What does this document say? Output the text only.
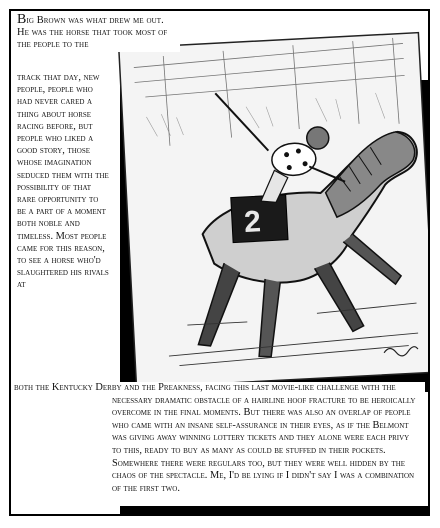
2
Big Brown was what drew me out. He was the horse that took most of the people to the
track that day, new people, people who had never cared a thing about horse racing before, but people who liked a good story, those whose imagination seduced them with the possibility of that rare opportunity to be a part of a moment both noble and timeless. Most people came for this reason, to see a horse who'd slaughtered his rivals at
both the Kentucky Derby and the Preakness, facing this last movie-like challenge with the necessary dramatic obstacle of a hairline hoof fracture to be heroically overcome in the final moments. But there was also an overlap of people who came with an insane self-assurance in their eyes, as if the Belmont was giving away winning lottery tickets and they alone were each privy to this, ready to buy as many as could be stuffed in their pockets. Somewhere there were regulars too, but they were well hidden by the chaos of the spectacle. Me, I'd be lying if I didn't say I was a combination of the first two.
